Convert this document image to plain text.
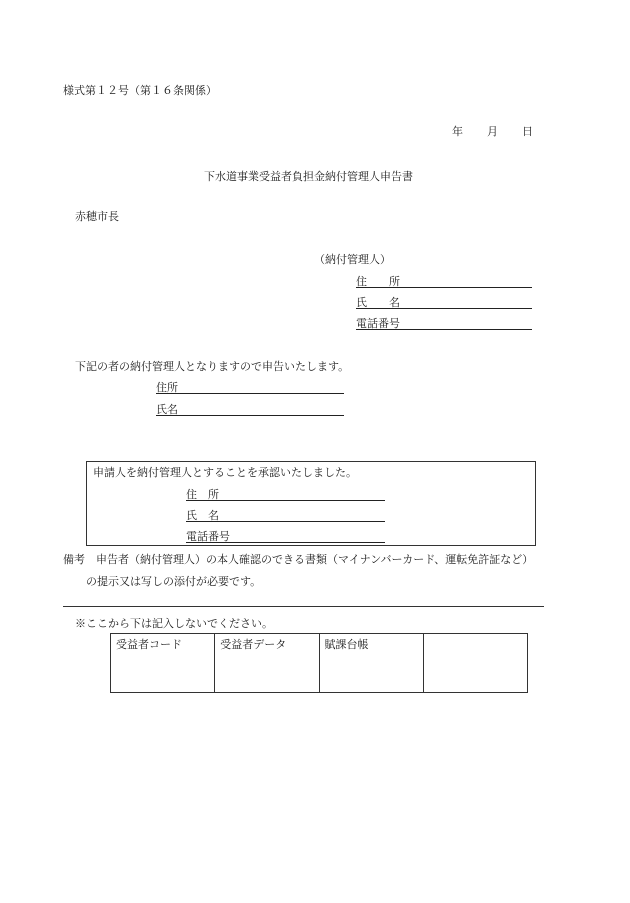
様式第１２号（第１６条関係）
年 月 日
下水道事業受益者負担金納付管理人申告書
赤穂市長
（納付管理人）
住　　所
氏　　名
電話番号
下記の者の納付管理人となりますので申告いたします。
住所
氏名
申請人を納付管理人とすることを承認いたしました。
住　所
氏　名
電話番号
備考　申告者（納付管理人）の本人確認のできる書類（マイナンバーカード、運転免許証など）
の提示又は写しの添付が必要です。
※ここから下は記入しないでください。
受益者コード	受益者データ	賦課台帳	
